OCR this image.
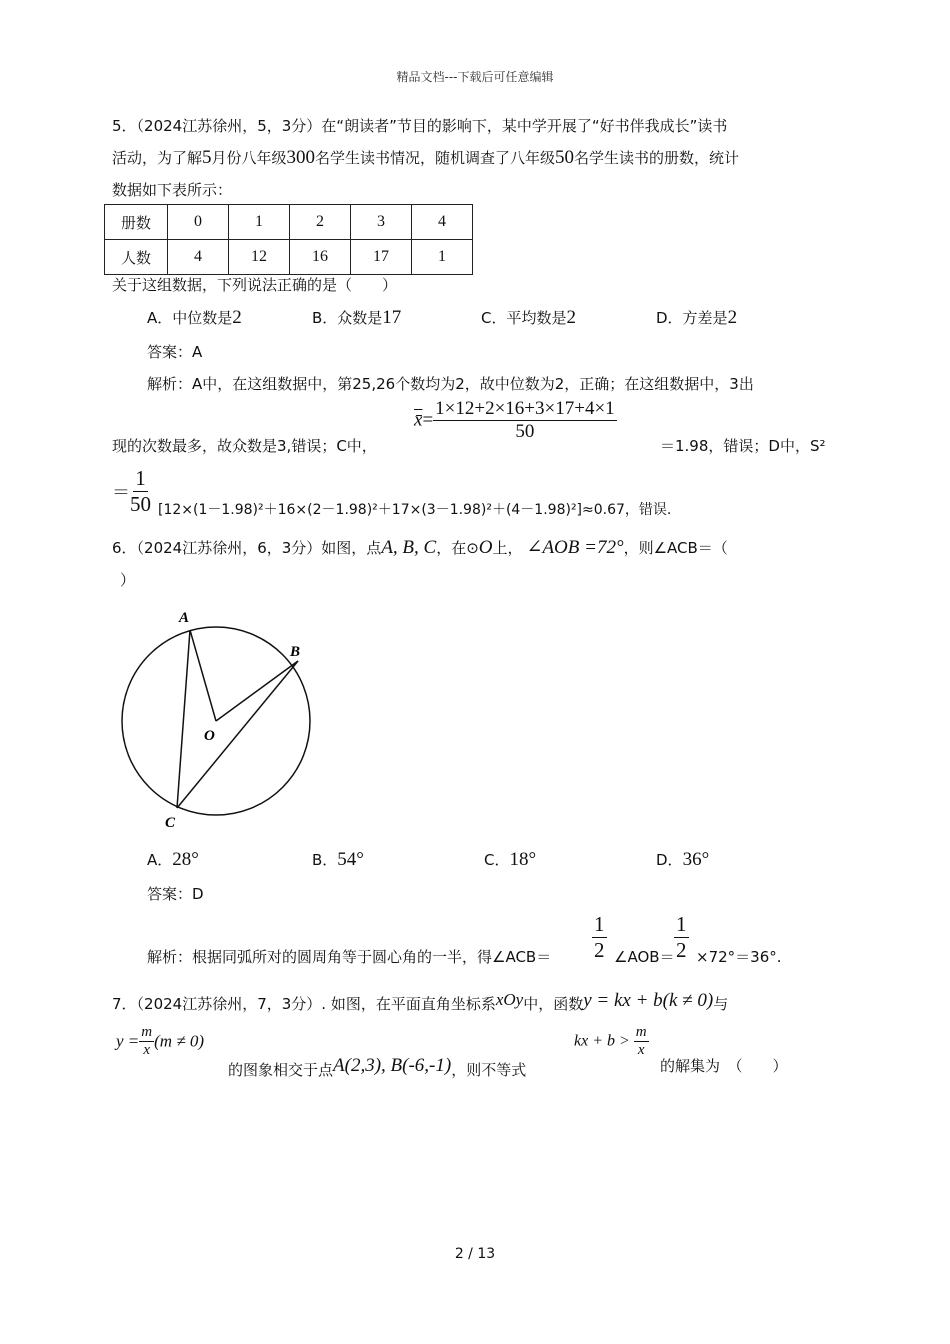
精品文档---下载后可任意编辑
5．（2024江苏徐州，5，3分）在“朗读者”节目的影响下，某中学开展了“好书伴我成长”读书
活动，为了解5月份八年级300名学生读书情况，随机调查了八年级50名学生读书的册数，统计
数据如下表所示：
册数	0	1	2	3	4
人数	4	12	16	17	1
关于这组数据，下列说法正确的是（　　）
A．中位数是2	B．众数是17	C．平均数是2	D．方差是2
答案：A
解析：A中，在这组数据中，第25,26个数均为2，故中位数为2，正确；在这组数据中，3出
现的次数最多，故众数是3,错误；C中，
x̄= $\frac{1\times 12+2\times 16+3\times 17+4\times 1}{50}$
＝1.98，错误；D中，S²
＝ $\frac{1}{50} [12\times(1-1.98)^2+16\times(2-1.98)^2+17\times(3-1.98)^2+(4-1.98)^2]\approx 0.67$，错误.
6．（2024江苏徐州，6，3分）如图，点A, B, C，在⊙O上， ∠AOB =72°，则∠ACB＝（
）
A
B
C
O
A．28°	B．54°	C．18°	D．36°
答案：D
解析：根据同弧所对的圆周角等于圆心角的一半，得∠ACB＝ $\frac{1}{2}$ ∠AOB＝ $\frac{1}{2} \times 72^\circ=36^\circ$.
7．（2024江苏徐州，7，3分）. 如图，在平面直角坐标系xOy中，函数y = kx + b(k ≠ 0)与
$y = \frac{m}{x} (m \ne 0)$
的图象相交于点A(2,3), B(-6,-1)，则不等式
kx + $b > \frac{m}{x}$
的解集为　（　　）
2 / 13
